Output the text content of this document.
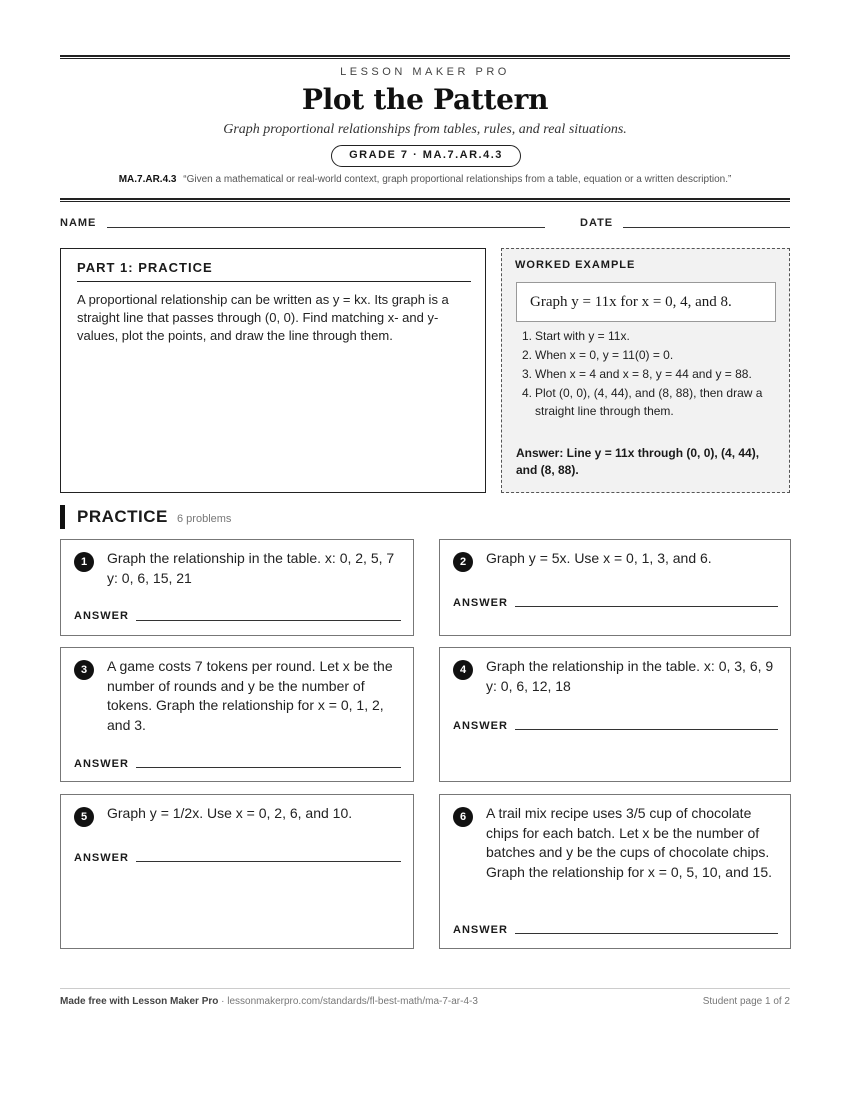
LESSON MAKER PRO
Plot the Pattern
Graph proportional relationships from tables, rules, and real situations.
GRADE 7 · MA.7.AR.4.3
MA.7.AR.4.3 “Given a mathematical or real-world context, graph proportional relationships from a table, equation or a written description.”
NAME	DATE
PART 1: PRACTICE
A proportional relationship can be written as y = kx. Its graph is a straight line that passes through (0, 0). Find matching x- and y-values, plot the points, and draw the line through them.
WORKED EXAMPLE
Graph y = 11x for x = 0, 4, and 8.
1. Start with y = 11x.
2. When x = 0, y = 11(0) = 0.
3. When x = 4 and x = 8, y = 44 and y = 88.
4. Plot (0, 0), (4, 44), and (8, 88), then draw a straight line through them.
Answer: Line y = 11x through (0, 0), (4, 44), and (8, 88).
PRACTICE 6 problems
1	Graph the relationship in the table. x: 0, 2, 5, 7 y: 0, 6, 15, 21
ANSWER
2	Graph y = 5x. Use x = 0, 1, 3, and 6.
ANSWER
3	A game costs 7 tokens per round. Let x be the number of rounds and y be the number of tokens. Graph the relationship for x = 0, 1, 2, and 3.
ANSWER
4	Graph the relationship in the table. x: 0, 3, 6, 9 y: 0, 6, 12, 18
ANSWER
5	Graph y = 1/2x. Use x = 0, 2, 6, and 10.
ANSWER
6	A trail mix recipe uses 3/5 cup of chocolate chips for each batch. Let x be the number of batches and y be the cups of chocolate chips. Graph the relationship for x = 0, 5, 10, and 15.
ANSWER
Made free with Lesson Maker Pro · lessonmakerpro.com/standards/fl-best-math/ma-7-ar-4-3	Student page 1 of 2
